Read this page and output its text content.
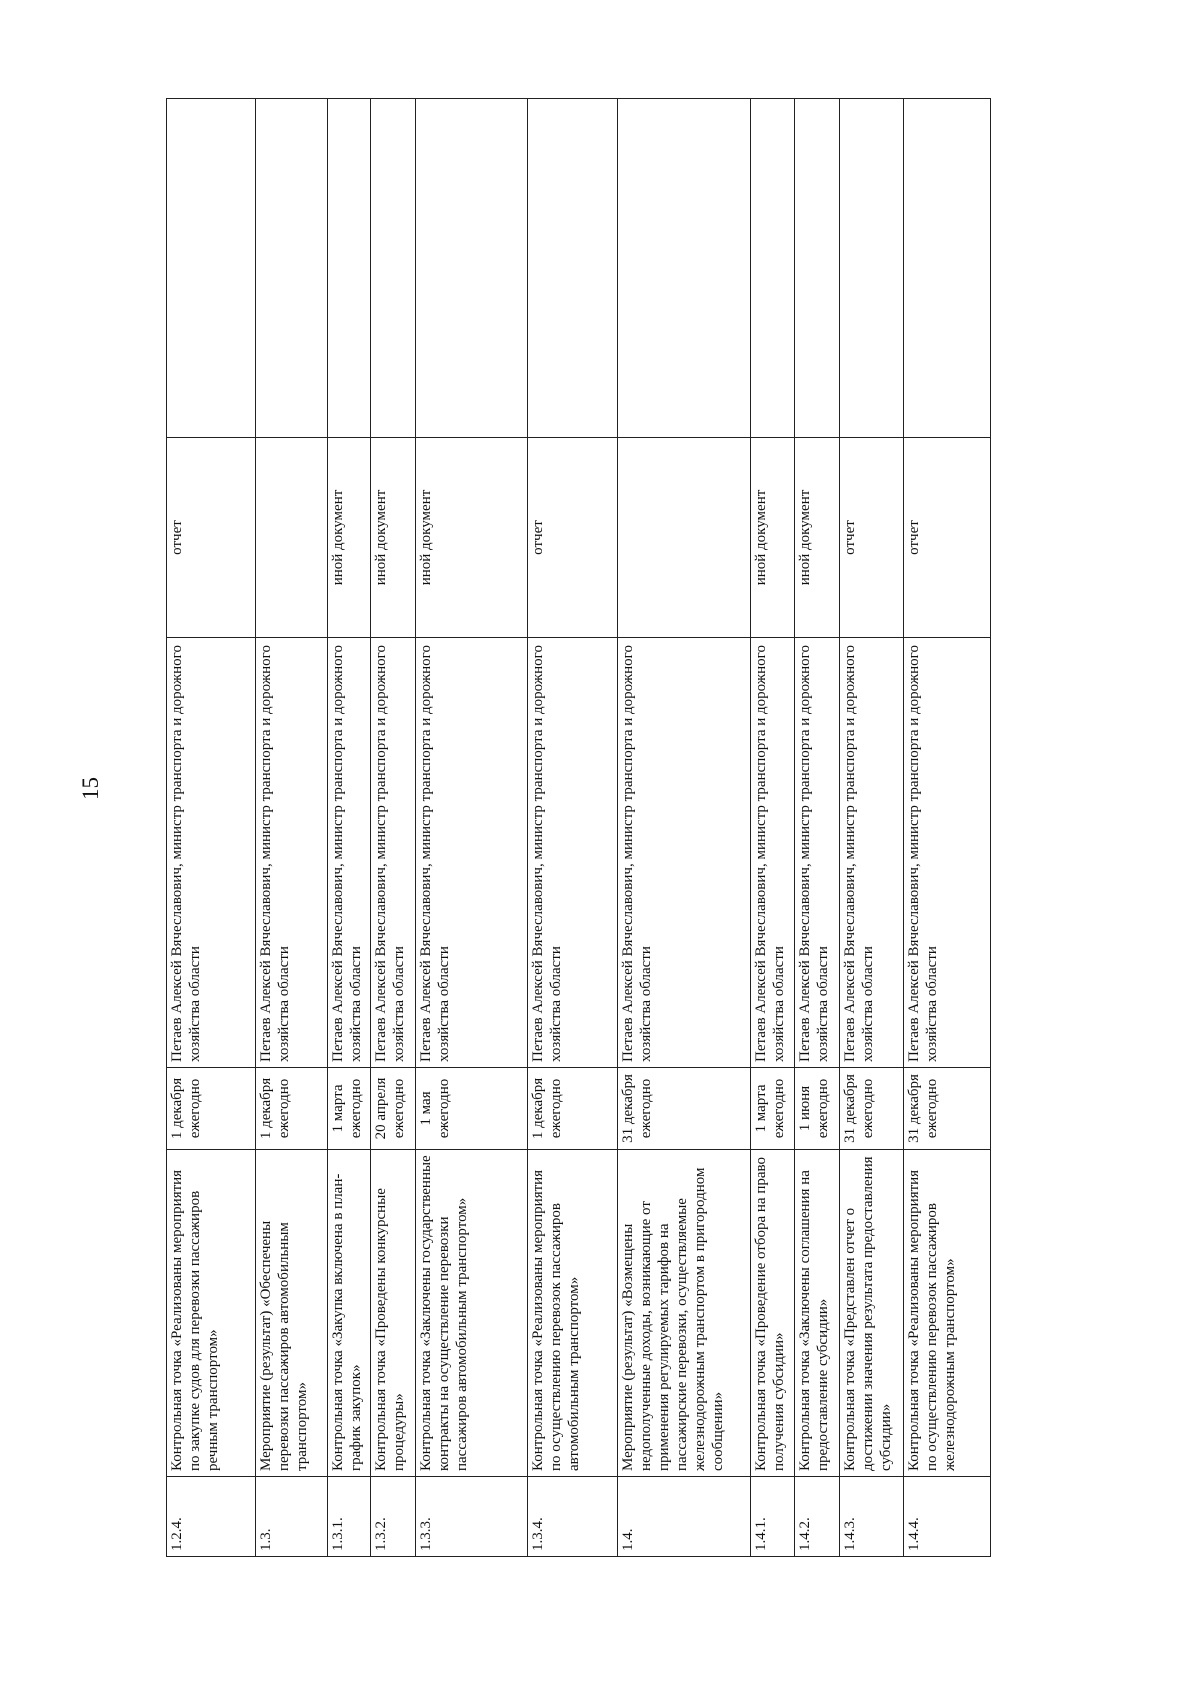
15
1.2.4.	Контрольная точка «Реализованы мероприятия по закупке судов для перевозки пассажиров речным транспортом»	1 декабря ежегодно	Петаев Алексей Вячеславович, министр транспорта и дорожного хозяйства области	отчет	
1.3.	Мероприятие (результат) «Обеспечены перевозки пассажиров автомобильным транспортом»	1 декабря ежегодно	Петаев Алексей Вячеславович, министр транспорта и дорожного хозяйства области		
1.3.1.	Контрольная точка «Закупка включена в план-график закупок»	1 марта ежегодно	Петаев Алексей Вячеславович, министр транспорта и дорожного хозяйства области	иной документ	
1.3.2.	Контрольная точка «Проведены конкурсные процедуры»	20 апреля ежегодно	Петаев Алексей Вячеславович, министр транспорта и дорожного хозяйства области	иной документ	
1.3.3.	Контрольная точка «Заключены государственные контракты на осуществление перевозки пассажиров автомобильным транспортом»	1 мая ежегодно	Петаев Алексей Вячеславович, министр транспорта и дорожного хозяйства области	иной документ	
1.3.4.	Контрольная точка «Реализованы мероприятия по осуществлению перевозок пассажиров автомобильным транспортом»	1 декабря ежегодно	Петаев Алексей Вячеславович, министр транспорта и дорожного хозяйства области	отчет	
1.4.	Мероприятие (результат) «Возмещены недополученные доходы, возникающие от применения регулируемых тарифов на пассажирские перевозки, осуществляемые железнодорожным транспортом в пригородном сообщении»	31 декабря ежегодно	Петаев Алексей Вячеславович, министр транспорта и дорожного хозяйства области		
1.4.1.	Контрольная точка «Проведение отбора на право получения субсидии»	1 марта ежегодно	Петаев Алексей Вячеславович, министр транспорта и дорожного хозяйства области	иной документ	
1.4.2.	Контрольная точка «Заключены соглашения на предоставление субсидии»	1 июня ежегодно	Петаев Алексей Вячеславович, министр транспорта и дорожного хозяйства области	иной документ	
1.4.3.	Контрольная точка «Представлен отчет о достижении значения результата предоставления субсидии»	31 декабря ежегодно	Петаев Алексей Вячеславович, министр транспорта и дорожного хозяйства области	отчет	
1.4.4.	Контрольная точка «Реализованы мероприятия по осуществлению перевозок пассажиров железнодорожным транспортом»	31 декабря ежегодно	Петаев Алексей Вячеславович, министр транспорта и дорожного хозяйства области	отчет	
